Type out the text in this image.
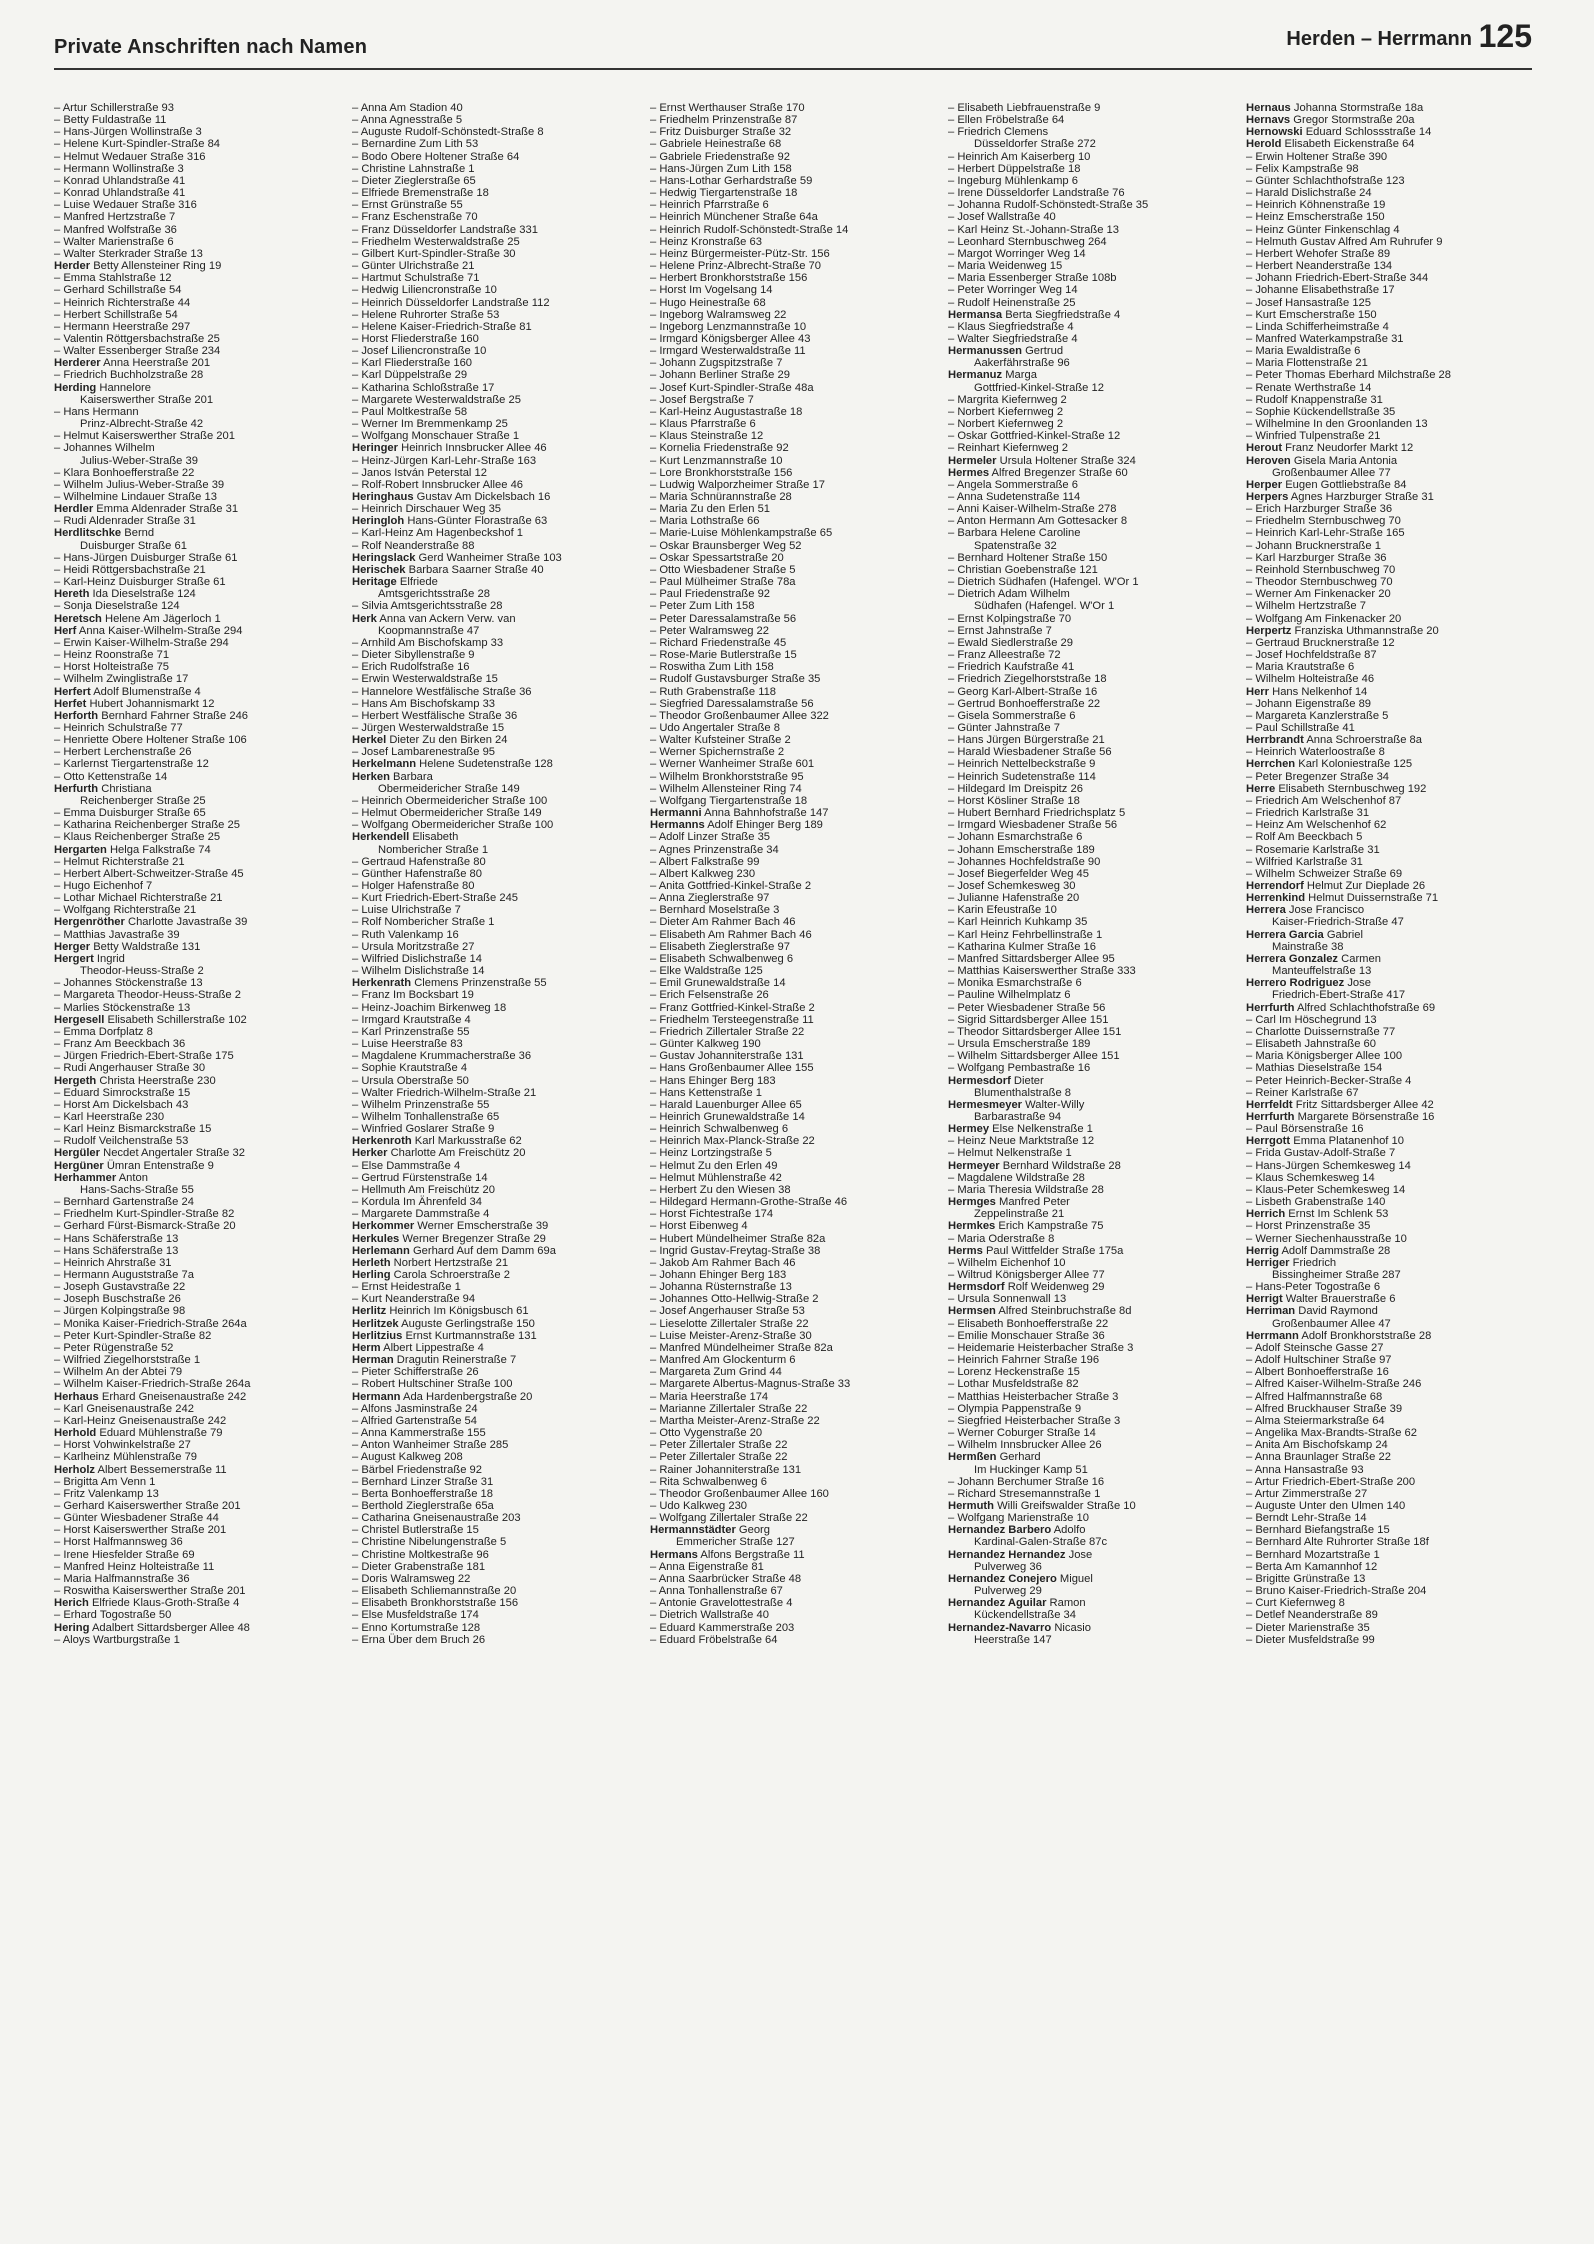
Private Anschriften nach Namen	Herden – Herrmann 125
– Artur Schillerstraße 93
– Betty Fuldastraße 11
– Hans-Jürgen Wollinstraße 3
– Helene Kurt-Spindler-Straße 84
– Helmut Wedauer Straße 316
– Hermann Wollinstraße 3
– Konrad Uhlandstraße 41
– Konrad Uhlandstraße 41
– Luise Wedauer Straße 316
– Manfred Hertzstraße 7
– Manfred Wolfstraße 36
– Walter Marienstraße 6
– Walter Sterkrader Straße 13
Herder Betty Allensteiner Ring 19
– Emma Stahlstraße 12
– Gerhard Schillstraße 54
– Heinrich Richterstraße 44
– Herbert Schillstraße 54
– Hermann Heerstraße 297
– Valentin Röttgersbachstraße 25
– Walter Essenberger Straße 234
Herderer Anna Heerstraße 201
– Friedrich Buchholzstraße 28
Herding Hannelore
Kaiserswerther Straße 201
– Hans Hermann
Prinz-Albrecht-Straße 42
– Helmut Kaiserswerther Straße 201
– Johannes Wilhelm
Julius-Weber-Straße 39
– Klara Bonhoefferstraße 22
– Wilhelm Julius-Weber-Straße 39
– Wilhelmine Lindauer Straße 13
Herdler Emma Aldenrader Straße 31
– Rudi Aldenrader Straße 31
Herdlitschke Bernd
Duisburger Straße 61
– Hans-Jürgen Duisburger Straße 61
– Heidi Röttgersbachstraße 21
– Karl-Heinz Duisburger Straße 61
Hereth Ida Dieselstraße 124
– Sonja Dieselstraße 124
Heretsch Helene Am Jägerloch 1
Herf Anna Kaiser-Wilhelm-Straße 294
– Erwin Kaiser-Wilhelm-Straße 294
– Heinz Roonstraße 71
– Horst Holteistraße 75
– Wilhelm Zwinglistraße 17
Herfert Adolf Blumenstraße 4
Herfet Hubert Johannismarkt 12
Herforth Bernhard Fahrner Straße 246
– Heinrich Schulstraße 77
– Henriette Obere Holtener Straße 106
– Herbert Lerchenstraße 26
– Karlernst Tiergartenstraße 12
– Otto Kettenstraße 14
Herfurth Christiana
Reichenberger Straße 25
– Emma Duisburger Straße 65
– Katharina Reichenberger Straße 25
– Klaus Reichenberger Straße 25
Hergarten Helga Falkstraße 74
– Helmut Richterstraße 21
– Herbert Albert-Schweitzer-Straße 45
– Hugo Eichenhof 7
– Lothar Michael Richterstraße 21
– Wolfgang Richterstraße 21
Hergenröther Charlotte Javastraße 39
– Matthias Javastraße 39
Herger Betty Waldstraße 131
Hergert Ingrid
Theodor-Heuss-Straße 2
– Johannes Stöckenstraße 13
– Margareta Theodor-Heuss-Straße 2
– Marlies Stöckenstraße 13
Hergesell Elisabeth Schillerstraße 102
– Emma Dorfplatz 8
– Franz Am Beeckbach 36
– Jürgen Friedrich-Ebert-Straße 175
– Rudi Angerhauser Straße 30
Hergeth Christa Heerstraße 230
– Eduard Simrockstraße 15
– Horst Am Dickelsbach 43
– Karl Heerstraße 230
– Karl Heinz Bismarckstraße 15
– Rudolf Veilchenstraße 53
Hergüler Necdet Angertaler Straße 32
Hergüner Ümran Entenstraße 9
Herhammer Anton
Hans-Sachs-Straße 55
– Bernhard Gartenstraße 24
– Friedhelm Kurt-Spindler-Straße 82
– Gerhard Fürst-Bismarck-Straße 20
– Hans Schäferstraße 13
– Hans Schäferstraße 13
– Heinrich Ahrstraße 31
– Hermann Auguststraße 7a
– Joseph Gustavstraße 22
– Joseph Buschstraße 26
– Jürgen Kolpingstraße 98
– Monika Kaiser-Friedrich-Straße 264a
– Peter Kurt-Spindler-Straße 82
– Peter Rügenstraße 52
– Wilfried Ziegelhorststraße 1
– Wilhelm An der Abtei 79
– Wilhelm Kaiser-Friedrich-Straße 264a
Herhaus Erhard Gneisenaustraße 242
– Karl Gneisenaustraße 242
– Karl-Heinz Gneisenaustraße 242
Herhold Eduard Mühlenstraße 79
– Horst Vohwinkelstraße 27
– Karlheinz Mühlenstraße 79
Herholz Albert Bessemerstraße 11
– Brigitta Am Venn 1
– Fritz Valenkamp 13
– Gerhard Kaiserswerther Straße 201
– Günter Wiesbadener Straße 44
– Horst Kaiserswerther Straße 201
– Horst Halfmannsweg 36
– Irene Hiesfelder Straße 69
– Manfred Heinz Holteistraße 11
– Maria Halfmannstraße 36
– Roswitha Kaiserswerther Straße 201
Herich Elfriede Klaus-Groth-Straße 4
– Erhard Togostraße 50
Hering Adalbert Sittardsberger Allee 48
– Aloys Wartburgstraße 1
– Anna Am Stadion 40
– Anna Agnesstraße 5
– Auguste Rudolf-Schönstedt-Straße 8
– Bernardine Zum Lith 53
– Bodo Obere Holtener Straße 64
– Christine Lahnstraße 1
– Dieter Zieglerstraße 65
– Elfriede Bremenstraße 18
– Ernst Grünstraße 55
– Franz Eschenstraße 70
– Franz Düsseldorfer Landstraße 331
– Friedhelm Westerwaldstraße 25
– Gilbert Kurt-Spindler-Straße 30
– Günter Ulrichstraße 21
– Hartmut Schulstraße 71
– Hedwig Liliencronstraße 10
– Heinrich Düsseldorfer Landstraße 112
– Helene Ruhrorter Straße 53
– Helene Kaiser-Friedrich-Straße 81
– Horst Fliederstraße 160
– Josef Liliencronstraße 10
– Karl Fliederstraße 160
– Karl Düppelstraße 29
– Katharina Schloßstraße 17
– Margarete Westerwaldstraße 25
– Paul Moltkestraße 58
– Werner Im Bremmenkamp 25
– Wolfgang Monschauer Straße 1
Heringer Heinrich Innsbrucker Allee 46
– Heinz-Jürgen Karl-Lehr-Straße 163
– Janos István Peterstal 12
– Rolf-Robert Innsbrucker Allee 46
Heringhaus Gustav Am Dickelsbach 16
– Heinrich Dirschauer Weg 35
Heringloh Hans-Günter Florastraße 63
– Karl-Heinz Am Hagenbeckshof 1
– Rolf Neanderstraße 88
Heringslack Gerd Wanheimer Straße 103
Herischek Barbara Saarner Straße 40
Heritage Elfriede
Amtsgerichtsstraße 28
– Silvia Amtsgerichtsstraße 28
Herk Anna van Ackern Verw. van
Koopmannstraße 47
– Arnhild Am Bischofskamp 33
– Dieter Sibyllenstraße 9
– Erich Rudolfstraße 16
– Erwin Westerwaldstraße 15
– Hannelore Westfälische Straße 36
– Hans Am Bischofskamp 33
– Herbert Westfälische Straße 36
– Jürgen Westerwaldstraße 15
Herkel Dieter Zu den Birken 24
– Josef Lambarenestraße 95
Herkelmann Helene Sudetenstraße 128
Herken Barbara
Obermeidericher Straße 149
– Heinrich Obermeidericher Straße 100
– Helmut Obermeidericher Straße 149
– Wolfgang Obermeidericher Straße 100
Herkendell Elisabeth
Nombericher Straße 1
– Gertraud Hafenstraße 80
– Günther Hafenstraße 80
– Holger Hafenstraße 80
– Kurt Friedrich-Ebert-Straße 245
– Luise Ulrichstraße 7
– Rolf Nombericher Straße 1
– Ruth Valenkamp 16
– Ursula Moritzstraße 27
– Wilfried Dislichstraße 14
– Wilhelm Dislichstraße 14
Herkenrath Clemens Prinzenstraße 55
– Franz Im Bocksbart 19
– Heinz-Joachim Birkenweg 18
– Irmgard Krautstraße 4
– Karl Prinzenstraße 55
– Luise Heerstraße 83
– Magdalene Krummacherstraße 36
– Sophie Krautstraße 4
– Ursula Oberstraße 50
– Walter Friedrich-Wilhelm-Straße 21
– Wilhelm Prinzenstraße 55
– Wilhelm Tonhallenstraße 65
– Winfried Goslarer Straße 9
Herkenroth Karl Markusstraße 62
Herker Charlotte Am Freischütz 20
– Else Dammstraße 4
– Gertrud Fürstenstraße 14
– Hellmuth Am Freischütz 20
– Kordula Im Ährenfeld 34
– Margarete Dammstraße 4
Herkommer Werner Emscherstraße 39
Herkules Werner Bregenzer Straße 29
Herlemann Gerhard Auf dem Damm 69a
Herleth Norbert Hertzstraße 21
Herling Carola Schroerstraße 2
– Ernst Heidestraße 1
– Kurt Neanderstraße 94
Herlitz Heinrich Im Königsbusch 61
Herlitzek Auguste Gerlingstraße 150
Herlitzius Ernst Kurtmannstraße 131
Herm Albert Lippestraße 4
Herman Dragutin Reinerstraße 7
– Pieter Schifferstraße 26
– Robert Hultschiner Straße 100
Hermann Ada Hardenbergstraße 20
– Alfons Jasminstraße 24
– Alfried Gartenstraße 54
– Anna Kammerstraße 155
– Anton Wanheimer Straße 285
– August Kalkweg 208
– Bärbel Friedenstraße 92
– Bernhard Linzer Straße 31
– Berta Bonhoefferstraße 18
– Berthold Zieglerstraße 65a
– Catharina Gneisenaustraße 203
– Christel Butlerstraße 15
– Christine Nibelungenstraße 5
– Christine Moltkestraße 96
– Dieter Grabenstraße 181
– Doris Walramsweg 22
– Elisabeth Schliemannstraße 20
– Elisabeth Bronkhorststraße 156
– Else Musfeldstraße 174
– Enno Kortumstraße 128
– Erna Über dem Bruch 26
– Ernst Werthauser Straße 170
– Friedhelm Prinzenstraße 87
– Fritz Duisburger Straße 32
– Gabriele Heinestraße 68
– Gabriele Friedenstraße 92
– Hans-Jürgen Zum Lith 158
– Hans-Lothar Gerhardstraße 59
– Hedwig Tiergartenstraße 18
– Heinrich Pfarrstraße 6
– Heinrich Münchener Straße 64a
– Heinrich Rudolf-Schönstedt-Straße 14
– Heinz Kronstraße 63
– Heinz Bürgermeister-Pütz-Str. 156
– Helene Prinz-Albrecht-Straße 70
– Herbert Bronkhorststraße 156
– Horst Im Vogelsang 14
– Hugo Heinestraße 68
– Ingeborg Walramsweg 22
– Ingeborg Lenzmannstraße 10
– Irmgard Königsberger Allee 43
– Irmgard Westerwaldstraße 11
– Johann Zugspitzstraße 7
– Johann Berliner Straße 29
– Josef Kurt-Spindler-Straße 48a
– Josef Bergstraße 7
– Karl-Heinz Augustastraße 18
– Klaus Pfarrstraße 6
– Klaus Steinstraße 12
– Kornelia Friedenstraße 92
– Kurt Lenzmannstraße 10
– Lore Bronkhorststraße 156
– Ludwig Walporzheimer Straße 17
– Maria Schnürannstraße 28
– Maria Zu den Erlen 51
– Maria Lothstraße 66
– Marie-Luise Möhlenkampstraße 65
– Oskar Braunsberger Weg 52
– Oskar Spessartstraße 20
– Otto Wiesbadener Straße 5
– Paul Mülheimer Straße 78a
– Paul Friedenstraße 92
– Peter Zum Lith 158
– Peter Daressalamstraße 56
– Peter Walramsweg 22
– Richard Friedenstraße 45
– Rose-Marie Butlerstraße 15
– Roswitha Zum Lith 158
– Rudolf Gustavsburger Straße 35
– Ruth Grabenstraße 118
– Siegfried Daressalamstraße 56
– Theodor Großenbaumer Allee 322
– Udo Angertaler Straße 8
– Walter Kufsteiner Straße 2
– Werner Spichernstraße 2
– Werner Wanheimer Straße 601
– Wilhelm Bronkhorststraße 95
– Wilhelm Allensteiner Ring 74
– Wolfgang Tiergartenstraße 18
Hermanni Anna Bahnhofstraße 147
Hermanns Adolf Ehinger Berg 189
– Adolf Linzer Straße 35
– Agnes Prinzenstraße 34
– Albert Falkstraße 99
– Albert Kalkweg 230
– Anita Gottfried-Kinkel-Straße 2
– Anna Zieglerstraße 97
– Bernhard Moselstraße 3
– Dieter Am Rahmer Bach 46
– Elisabeth Am Rahmer Bach 46
– Elisabeth Zieglerstraße 97
– Elisabeth Schwalbenweg 6
– Elke Waldstraße 125
– Emil Grunewaldstraße 14
– Erich Felsenstraße 26
– Franz Gottfried-Kinkel-Straße 2
– Friedhelm Tersteegenstraße 11
– Friedrich Zillertaler Straße 22
– Günter Kalkweg 190
– Gustav Johanniterstraße 131
– Hans Großenbaumer Allee 155
– Hans Ehinger Berg 183
– Hans Kettenstraße 1
– Harald Lauenburger Allee 65
– Heinrich Grunewaldstraße 14
– Heinrich Schwalbenweg 6
– Heinrich Max-Planck-Straße 22
– Heinz Lortzingstraße 5
– Helmut Zu den Erlen 49
– Helmut Mühlenstraße 42
– Herbert Zu den Wiesen 38
– Hildegard Hermann-Grothe-Straße 46
– Horst Fichtestraße 174
– Horst Eibenweg 4
– Hubert Mündelheimer Straße 82a
– Ingrid Gustav-Freytag-Straße 38
– Jakob Am Rahmer Bach 46
– Johann Ehinger Berg 183
– Johanna Rüsternstraße 13
– Johannes Otto-Hellwig-Straße 2
– Josef Angerhauser Straße 53
– Lieselotte Zillertaler Straße 22
– Luise Meister-Arenz-Straße 30
– Manfred Mündelheimer Straße 82a
– Manfred Am Glockenturm 6
– Margareta Zum Grind 44
– Margarete Albertus-Magnus-Straße 33
– Maria Heerstraße 174
– Marianne Zillertaler Straße 22
– Martha Meister-Arenz-Straße 22
– Otto Vygenstraße 20
– Peter Zillertaler Straße 22
– Peter Zillertaler Straße 22
– Rainer Johanniterstraße 131
– Rita Schwalbenweg 6
– Theodor Großenbaumer Allee 160
– Udo Kalkweg 230
– Wolfgang Zillertaler Straße 22
Hermannstädter Georg
Emmericher Straße 127
Hermans Alfons Bergstraße 11
– Anna Eigenstraße 81
– Anna Saarbrücker Straße 48
– Anna Tonhallenstraße 67
– Antonie Gravelottestraße 4
– Dietrich Wallstraße 40
– Eduard Kammerstraße 203
– Eduard Fröbelstraße 64
– Elisabeth Liebfrauenstraße 9
– Ellen Fröbelstraße 64
– Friedrich Clemens
Düsseldorfer Straße 272
– Heinrich Am Kaiserberg 10
– Herbert Düppelstraße 18
– Ingeburg Mühlenkamp 6
– Irene Düsseldorfer Landstraße 76
– Johanna Rudolf-Schönstedt-Straße 35
– Josef Wallstraße 40
– Karl Heinz St.-Johann-Straße 13
– Leonhard Sternbuschweg 264
– Margot Worringer Weg 14
– Maria Weidenweg 15
– Maria Essenberger Straße 108b
– Peter Worringer Weg 14
– Rudolf Heinenstraße 25
Hermansa Berta Siegfriedstraße 4
– Klaus Siegfriedstraße 4
– Walter Siegfriedstraße 4
Hermanussen Gertrud
Aakerfährstraße 96
Hermanuz Marga
Gottfried-Kinkel-Straße 12
– Margrita Kiefernweg 2
– Norbert Kiefernweg 2
– Norbert Kiefernweg 2
– Oskar Gottfried-Kinkel-Straße 12
– Reinhart Kiefernweg 2
Hermeler Ursula Holtener Straße 324
Hermes Alfred Bregenzer Straße 60
– Angela Sommerstraße 6
– Anna Sudetenstraße 114
– Anni Kaiser-Wilhelm-Straße 278
– Anton Hermann Am Gottesacker 8
– Barbara Helene Caroline
Spatenstraße 32
– Bernhard Holtener Straße 150
– Christian Goebenstraße 121
– Dietrich Südhafen (Hafengel. W'Or 1
– Dietrich Adam Wilhelm
Südhafen (Hafengel. W'Or 1
– Ernst Kolpingstraße 70
– Ernst Jahnstraße 7
– Ewald Siedlerstraße 29
– Franz Alleestraße 72
– Friedrich Kaufstraße 41
– Friedrich Ziegelhorststraße 18
– Georg Karl-Albert-Straße 16
– Gertrud Bonhoefferstraße 22
– Gisela Sommerstraße 6
– Günter Jahnstraße 7
– Hans Jürgen Bürgerstraße 21
– Harald Wiesbadener Straße 56
– Heinrich Nettelbeckstraße 9
– Heinrich Sudetenstraße 114
– Hildegard Im Dreispitz 26
– Horst Kösliner Straße 18
– Hubert Bernhard Friedrichsplatz 5
– Irmgard Wiesbadener Straße 56
– Johann Esmarchstraße 6
– Johann Emscherstraße 189
– Johannes Hochfeldstraße 90
– Josef Biegerfelder Weg 45
– Josef Schemkesweg 30
– Julianne Hafenstraße 20
– Karin Efeustraße 10
– Karl Heinrich Kuhkamp 35
– Karl Heinz Fehrbellinstraße 1
– Katharina Kulmer Straße 16
– Manfred Sittardsberger Allee 95
– Matthias Kaiserswerther Straße 333
– Monika Esmarchstraße 6
– Pauline Wilhelmplatz 6
– Peter Wiesbadener Straße 56
– Sigrid Sittardsberger Allee 151
– Theodor Sittardsberger Allee 151
– Ursula Emscherstraße 189
– Wilhelm Sittardsberger Allee 151
– Wolfgang Pembastraße 16
Hermesdorf Dieter
Blumenthalstraße 8
Hermesmeyer Walter-Willy
Barbarastraße 94
Hermey Else Nelkenstraße 1
– Heinz Neue Marktstraße 12
– Helmut Nelkenstraße 1
Hermeyer Bernhard Wildstraße 28
– Magdalene Wildstraße 28
– Maria Theresia Wildstraße 28
Hermges Manfred Peter
Zeppelinstraße 21
Hermkes Erich Kampstraße 75
– Maria Oderstraße 8
Herms Paul Wittfelder Straße 175a
– Wilhelm Eichenhof 10
– Wiltrud Königsberger Allee 77
Hermsdorf Rolf Weidenweg 29
– Ursula Sonnenwall 13
Hermsen Alfred Steinbruchstraße 8d
– Elisabeth Bonhoefferstraße 22
– Emilie Monschauer Straße 36
– Heidemarie Heisterbacher Straße 3
– Heinrich Fahrner Straße 196
– Lorenz Heckenstraße 15
– Lothar Musfeldstraße 82
– Matthias Heisterbacher Straße 3
– Olympia Pappenstraße 9
– Siegfried Heisterbacher Straße 3
– Werner Coburger Straße 14
– Wilhelm Innsbrucker Allee 26
Hermßen Gerhard
Im Huckinger Kamp 51
– Johann Berchumer Straße 16
– Richard Stresemannstraße 1
Hermuth Willi Greifswalder Straße 10
– Wolfgang Marienstraße 10
Hernandez Barbero Adolfo
Kardinal-Galen-Straße 87c
Hernandez Hernandez Jose
Pulverweg 36
Hernandez Conejero Miguel
Pulverweg 29
Hernandez Aguilar Ramon
Kückendellstraße 34
Hernandez-Navarro Nicasio
Heerstraße 147
Hernaus Johanna Stormstraße 18a
Hernavs Gregor Stormstraße 20a
Hernowski Eduard Schlossstraße 14
Herold Elisabeth Eickenstraße 64
– Erwin Holtener Straße 390
– Felix Kampstraße 98
– Günter Schlachthofstraße 123
– Harald Dislichstraße 24
– Heinrich Köhnenstraße 19
– Heinz Emscherstraße 150
– Heinz Günter Finkenschlag 4
– Helmuth Gustav Alfred Am Ruhrufer 9
– Herbert Wehofer Straße 89
– Herbert Neanderstraße 134
– Johann Friedrich-Ebert-Straße 344
– Johanne Elisabethstraße 17
– Josef Hansastraße 125
– Kurt Emscherstraße 150
– Linda Schifferheimstraße 4
– Manfred Waterkampstraße 31
– Maria Ewaldistraße 6
– Maria Flottenstraße 21
– Peter Thomas Eberhard Milchstraße 28
– Renate Werthstraße 14
– Rudolf Knappenstraße 31
– Sophie Kückendellstraße 35
– Wilhelmine In den Groonlanden 13
– Winfried Tulpenstraße 21
Herout Franz Neudorfer Markt 12
Heroven Gisela Maria Antonia
Großenbaumer Allee 77
Herper Eugen Gottliebstraße 84
Herpers Agnes Harzburger Straße 31
– Erich Harzburger Straße 36
– Friedhelm Sternbuschweg 70
– Heinrich Karl-Lehr-Straße 165
– Johann Brucknerstraße 1
– Karl Harzburger Straße 36
– Reinhold Sternbuschweg 70
– Theodor Sternbuschweg 70
– Werner Am Finkenacker 20
– Wilhelm Hertzstraße 7
– Wolfgang Am Finkenacker 20
Herpertz Franziska Uthmannstraße 20
– Gertraud Brucknerstraße 12
– Josef Hochfeldstraße 87
– Maria Krautstraße 6
– Wilhelm Holteistraße 46
Herr Hans Nelkenhof 14
– Johann Eigenstraße 89
– Margareta Kanzlerstraße 5
– Paul Schillstraße 41
Herrbrandt Anna Schroerstraße 8a
– Heinrich Waterloostraße 8
Herrchen Karl Koloniestraße 125
– Peter Bregenzer Straße 34
Herre Elisabeth Sternbuschweg 192
– Friedrich Am Welschenhof 87
– Friedrich Karlstraße 31
– Heinz Am Welschenhof 62
– Rolf Am Beeckbach 5
– Rosemarie Karlstraße 31
– Wilfried Karlstraße 31
– Wilhelm Schweizer Straße 69
Herrendorf Helmut Zur Dieplade 26
Herrenkind Helmut Duissernstraße 71
Herrera Jose Francisco
Kaiser-Friedrich-Straße 47
Herrera Garcia Gabriel
Mainstraße 38
Herrera Gonzalez Carmen
Manteuffelstraße 13
Herrero Rodriguez Jose
Friedrich-Ebert-Straße 417
Herrfurth Alfred Schlachthofstraße 69
– Carl Im Höschegrund 13
– Charlotte Duissernstraße 77
– Elisabeth Jahnstraße 60
– Maria Königsberger Allee 100
– Mathias Dieselstraße 154
– Peter Heinrich-Becker-Straße 4
– Reiner Karlstraße 67
Herrfeldt Fritz Sittardsberger Allee 42
Herrfurth Margarete Börsenstraße 16
– Paul Börsenstraße 16
Herrgott Emma Platanenhof 10
– Frida Gustav-Adolf-Straße 7
– Hans-Jürgen Schemkesweg 14
– Klaus Schemkesweg 14
– Klaus-Peter Schemkesweg 14
– Lisbeth Grabenstraße 140
Herrich Ernst Im Schlenk 53
– Horst Prinzenstraße 35
– Werner Siechenhausstraße 10
Herrig Adolf Dammstraße 28
Herriger Friedrich
Bissingheimer Straße 287
– Hans-Peter Togostraße 6
Herrigt Walter Brauerstraße 6
Herriman David Raymond
Großenbaumer Allee 47
Herrmann Adolf Bronkhorststraße 28
– Adolf Steinsche Gasse 27
– Adolf Hultschiner Straße 97
– Albert Bonhoefferstraße 16
– Alfred Kaiser-Wilhelm-Straße 246
– Alfred Halfmannstraße 68
– Alfred Bruckhauser Straße 39
– Alma Steiermarkstraße 64
– Angelika Max-Brandts-Straße 62
– Anita Am Bischofskamp 24
– Anna Braunlager Straße 22
– Anna Hansastraße 93
– Artur Friedrich-Ebert-Straße 200
– Artur Zimmerstraße 27
– Auguste Unter den Ulmen 140
– Berndt Lehr-Straße 14
– Bernhard Biefangstraße 15
– Bernhard Alte Ruhrorter Straße 18f
– Bernhard Mozartstraße 1
– Berta Am Kamannhof 12
– Brigitte Grünstraße 13
– Bruno Kaiser-Friedrich-Straße 204
– Curt Kiefernweg 8
– Detlef Neanderstraße 89
– Dieter Marienstraße 35
– Dieter Musfeldstraße 99
